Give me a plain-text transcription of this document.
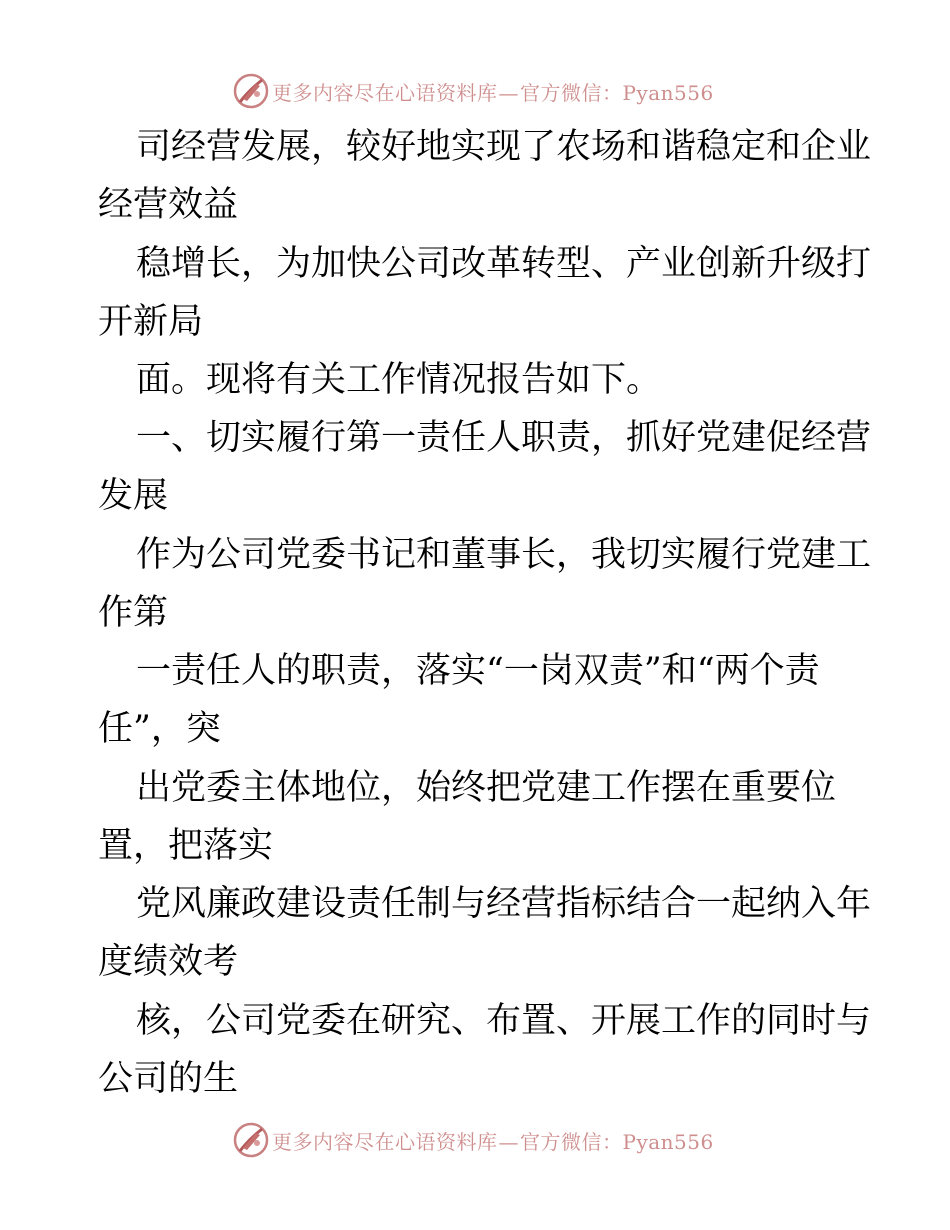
更多内容尽在心语资料库—官方微信：Pyan556
司经营发展，较好地实现了农场和谐稳定和企业
经营效益
稳增长，为加快公司改革转型、产业创新升级打
开新局
面。现将有关工作情况报告如下。
一、切实履行第一责任人职责，抓好党建促经营
发展
作为公司党委书记和董事长，我切实履行党建工
作第
一责任人的职责，落实“一岗双责”和“两个责
任”，突
出党委主体地位，始终把党建工作摆在重要位
置，把落实
党风廉政建设责任制与经营指标结合一起纳入年
度绩效考
核，公司党委在研究、布置、开展工作的同时与
公司的生
更多内容尽在心语资料库—官方微信：Pyan556
